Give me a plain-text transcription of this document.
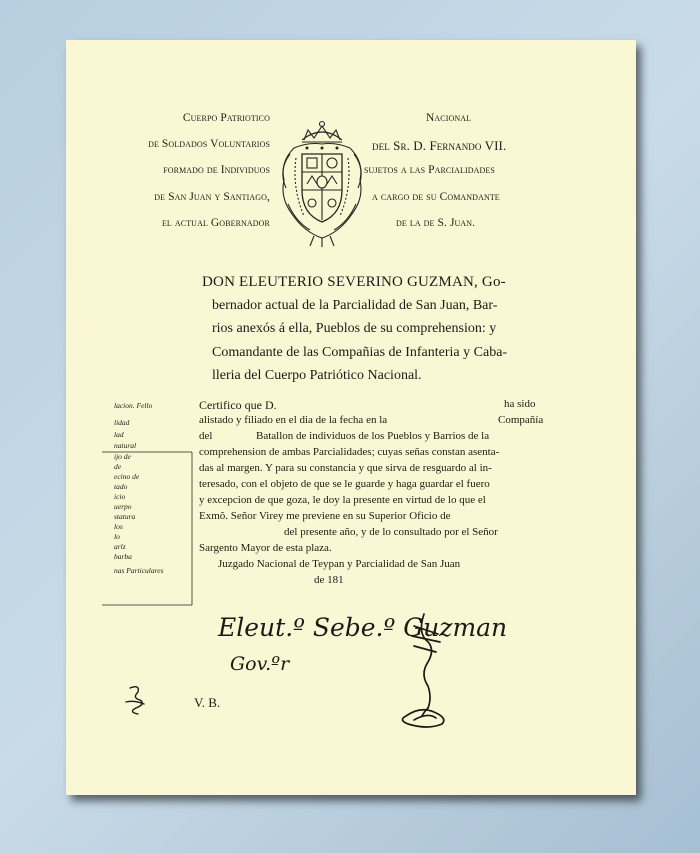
Cuerpo Patriotico
de Soldados Voluntarios
formado de Individuos
de San Juan y Santiago,
el actual Gobernador
Nacional
del Sr. D. Fernando VII.
sujetos a las Parcialidades
a cargo de su Comandante
de la de S. Juan.
DON ELEUTERIO SEVERINO GUZMAN, Go-
bernador actual de la Parcialidad de San Juan, Bar-
rios anexós á ella, Pueblos de su comprehension: y
Comandante de las Compañias de Infanteria y Caba-
lleria del Cuerpo Patriótico Nacional.
lacion. Fello
lidad
lad
natural
ijo de
de
ecino de
tado
icio
uerpo
statura
los
lo
arlz
barba
nas Particulares
Certifico que D.	ha sido
alistado y filiado en el dia de la fecha en la	Compañía
del	Batallon de individuos de los Pueblos y Barrios de la
comprehension de ambas Parcialidades; cuyas señas constan asenta-
das al margen. Y para su constancia y que sirva de resguardo al in-
teresado, con el objeto de que se le guarde y haga guardar el fuero
y excepcion de que goza, le doy la presente en virtud de lo que el
Exmõ. Señor Virey me previene en su Superior Oficio de
del presente año, y de lo consultado por el Señor
Sargento Mayor de esta plaza.
Juzgado Nacional de Teypan y Parcialidad de San Juan
de 181
Eleut.º Sebe.º Guzman
Gov.ºr
V. B.
